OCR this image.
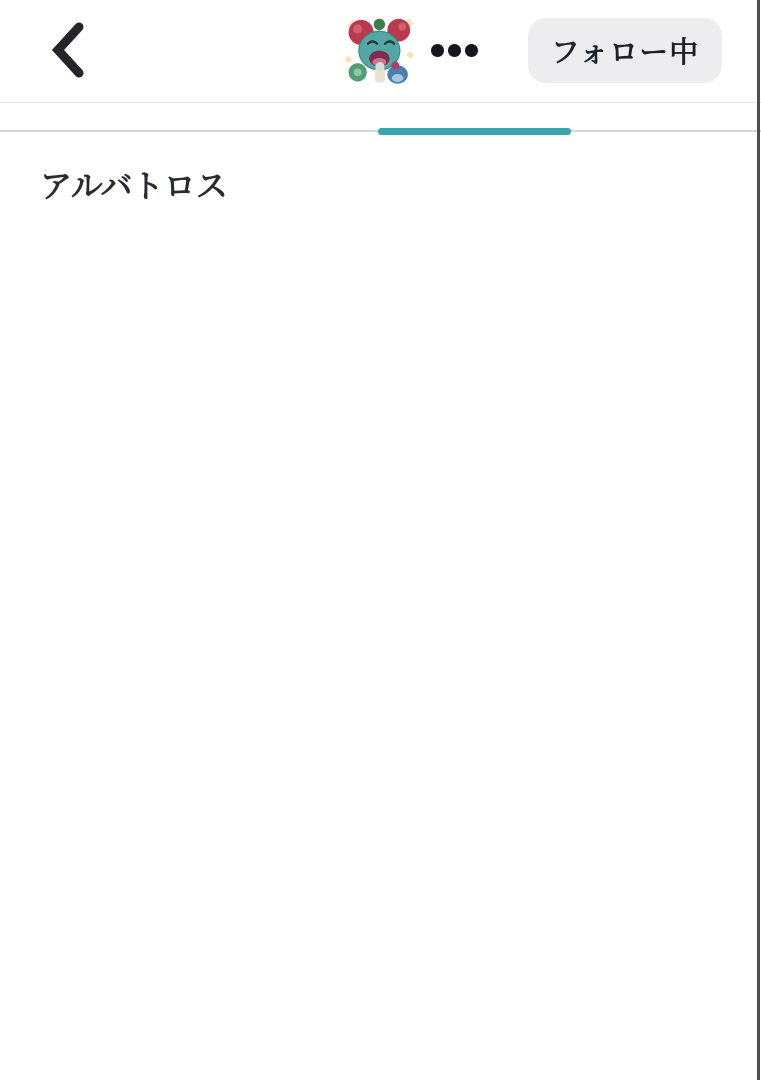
フォロー中
アルバトロス
